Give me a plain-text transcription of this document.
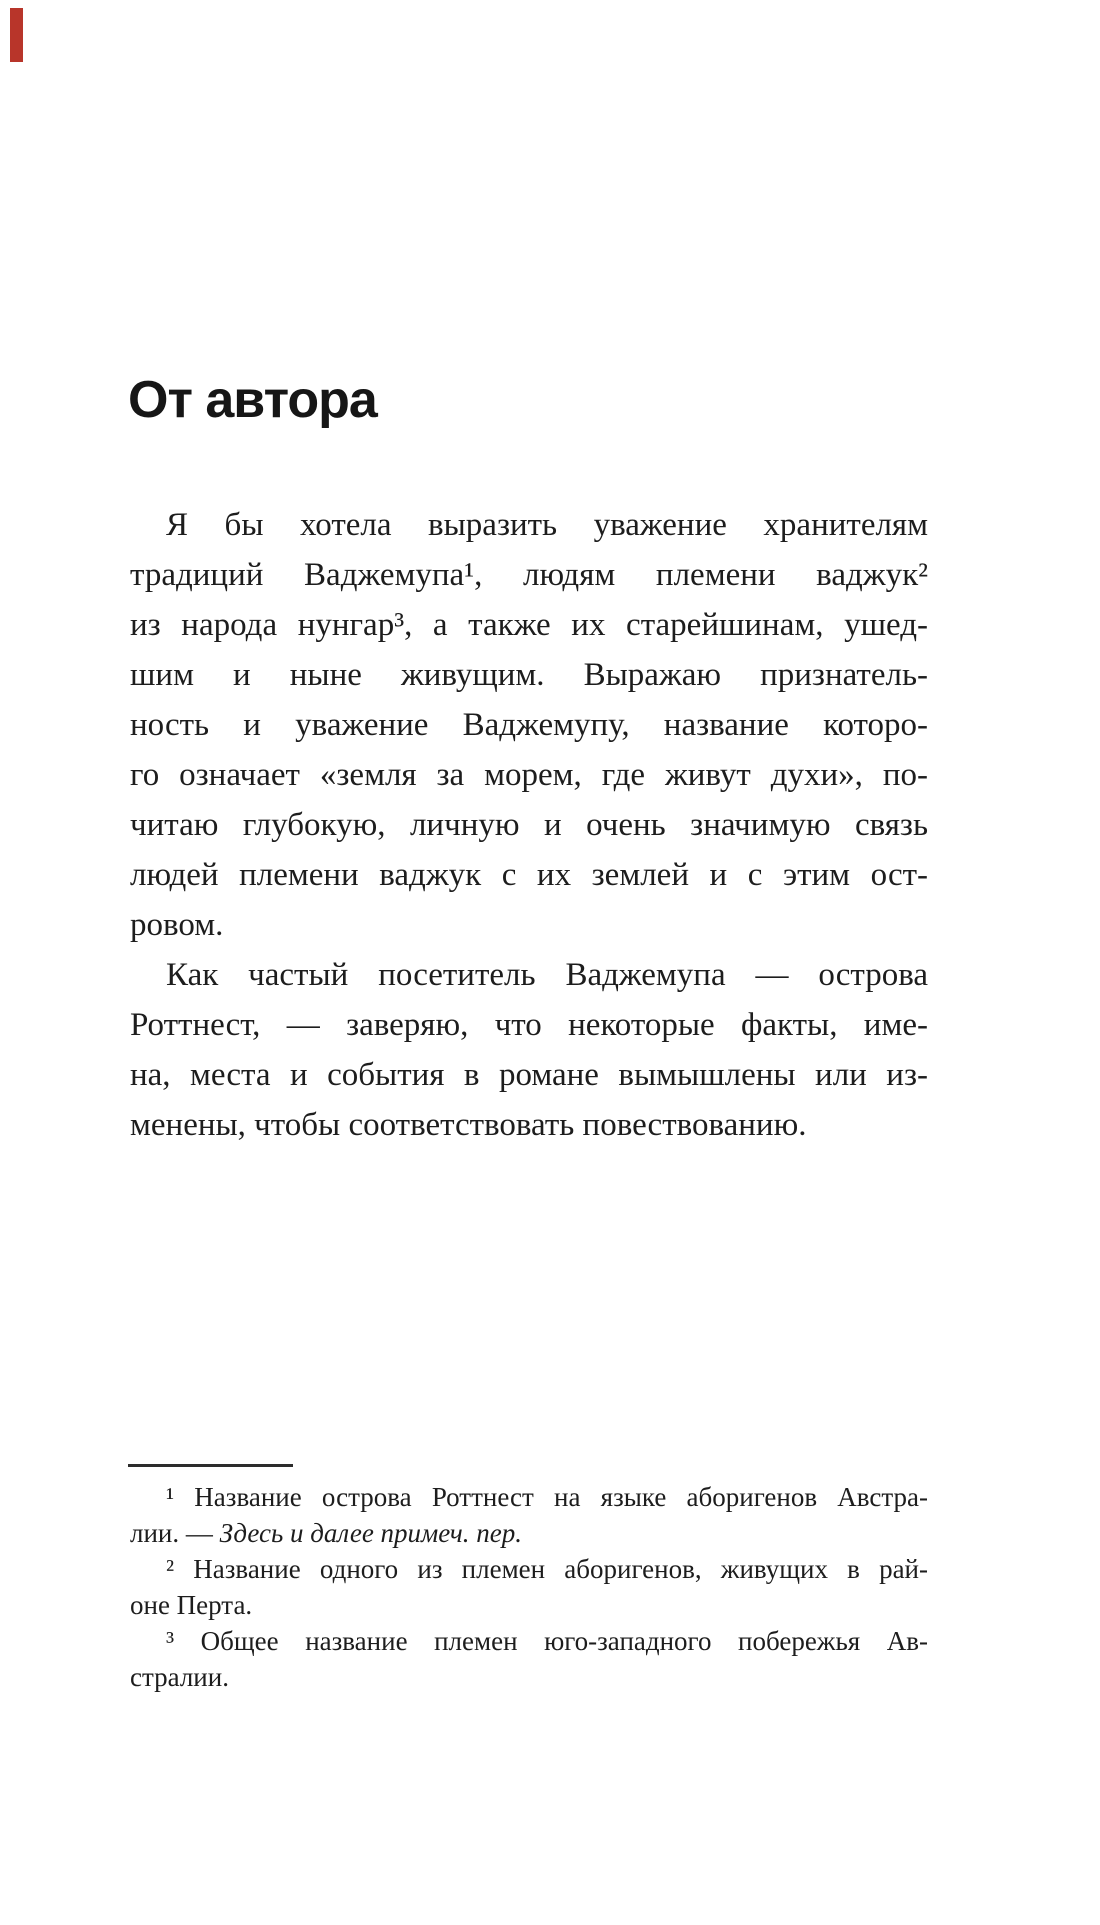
От автора
Я бы хотела выразить уважение хранителям
традиций Ваджемупа¹, людям племени ваджук²
из народа нунгар³, а также их старейшинам, ушед-
шим и ныне живущим. Выражаю признатель-
ность и уважение Ваджемупу, название которо-
го означает «земля за морем, где живут духи», по-
читаю глубокую, личную и очень значимую связь
людей племени ваджук с их землей и с этим ост-
ровом.
Как частый посетитель Ваджемупа — острова
Роттнест, — заверяю, что некоторые факты, име-
на, места и события в романе вымышлены или из-
менены, чтобы соответствовать повествованию.
¹ Название острова Роттнест на языке аборигенов Австра-
лии. — Здесь и далее примеч. пер.
² Название одного из племен аборигенов, живущих в рай-
оне Перта.
³ Общее название племен юго-западного побережья Ав-
стралии.
